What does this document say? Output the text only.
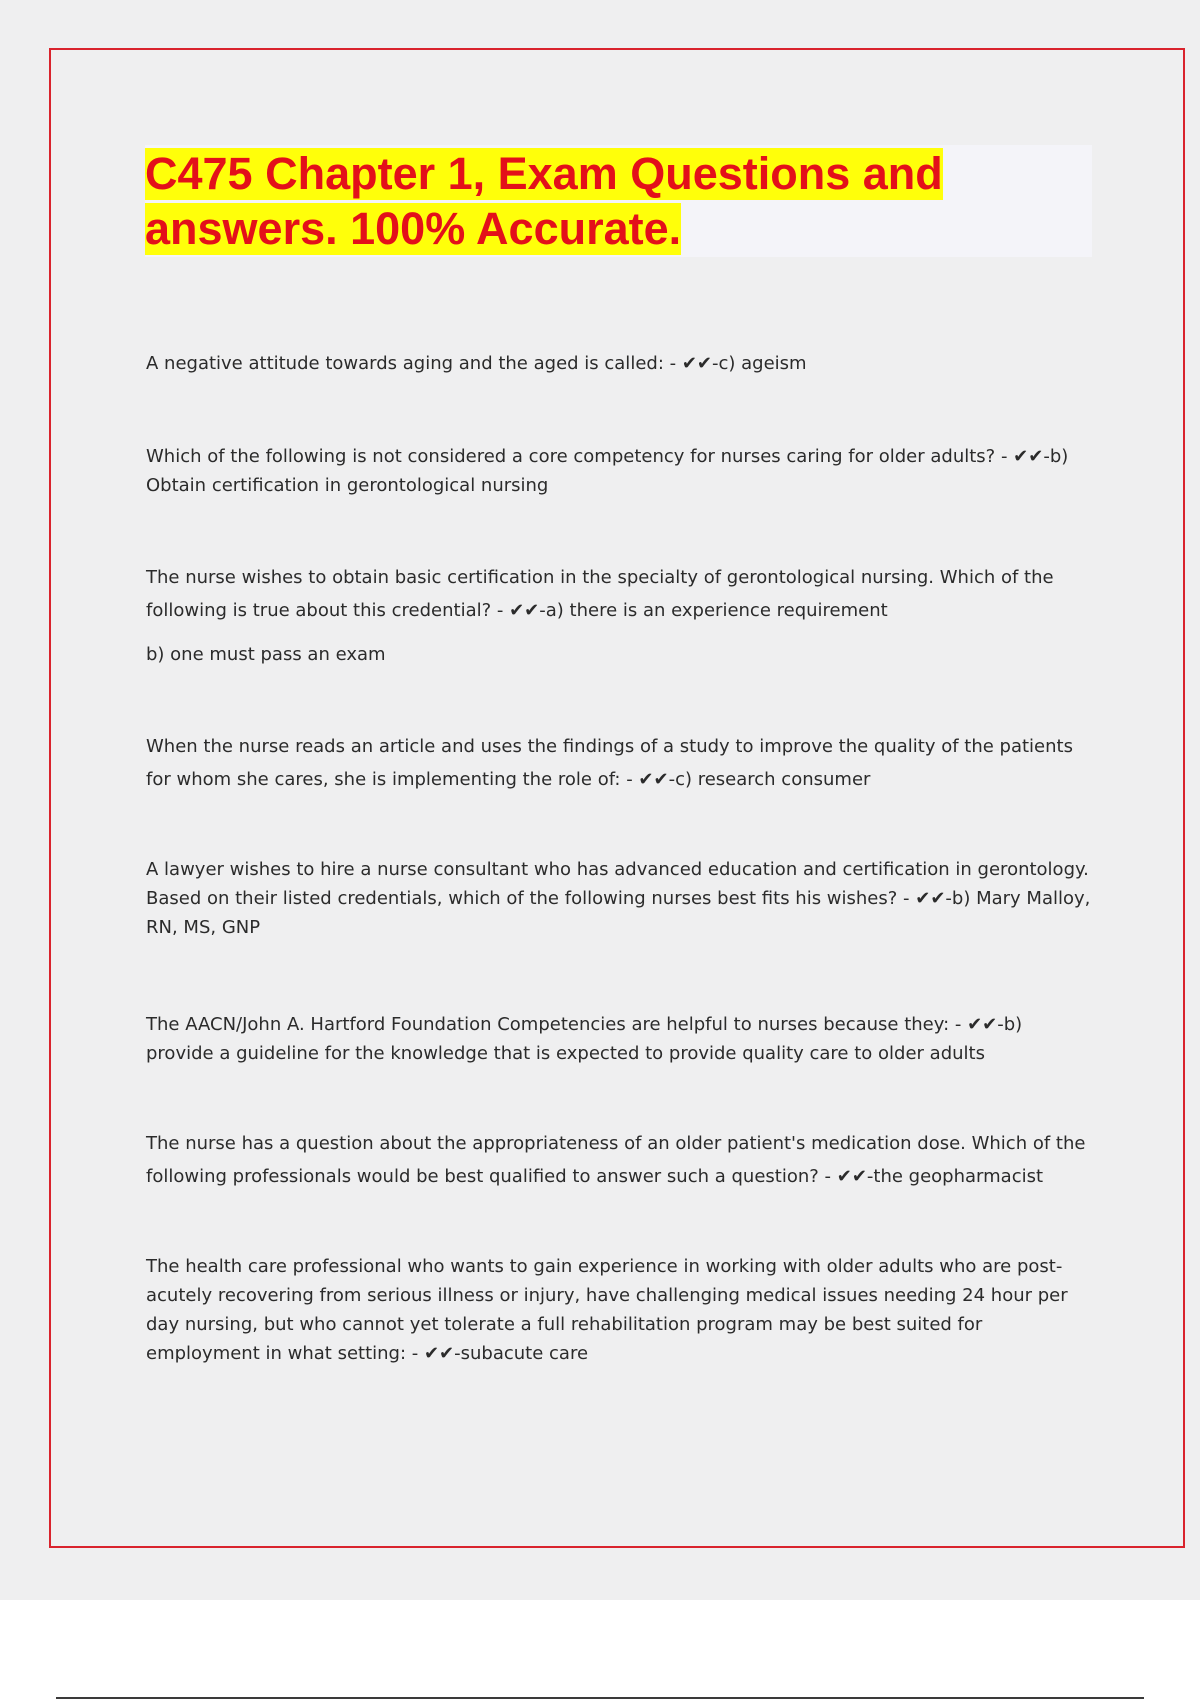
C475 Chapter 1, Exam Questions and answers. 100% Accurate.

A negative attitude towards aging and the aged is called: - ✔✔-c) ageism

Which of the following is not considered a core competency for nurses caring for older adults? - ✔✔-b) Obtain certification in gerontological nursing

The nurse wishes to obtain basic certification in the specialty of gerontological nursing. Which of the following is true about this credential? - ✔✔-a) there is an experience requirement

b) one must pass an exam

When the nurse reads an article and uses the findings of a study to improve the quality of the patients for whom she cares, she is implementing the role of: - ✔✔-c) research consumer

A lawyer wishes to hire a nurse consultant who has advanced education and certification in gerontology. Based on their listed credentials, which of the following nurses best fits his wishes? - ✔✔-b) Mary Malloy, RN, MS, GNP

The AACN/John A. Hartford Foundation Competencies are helpful to nurses because they: - ✔✔-b) provide a guideline for the knowledge that is expected to provide quality care to older adults

The nurse has a question about the appropriateness of an older patient's medication dose. Which of the following professionals would be best qualified to answer such a question? - ✔✔-the geopharmacist

The health care professional who wants to gain experience in working with older adults who are post-acutely recovering from serious illness or injury, have challenging medical issues needing 24 hour per day nursing, but who cannot yet tolerate a full rehabilitation program may be best suited for employment in what setting: - ✔✔-subacute care
